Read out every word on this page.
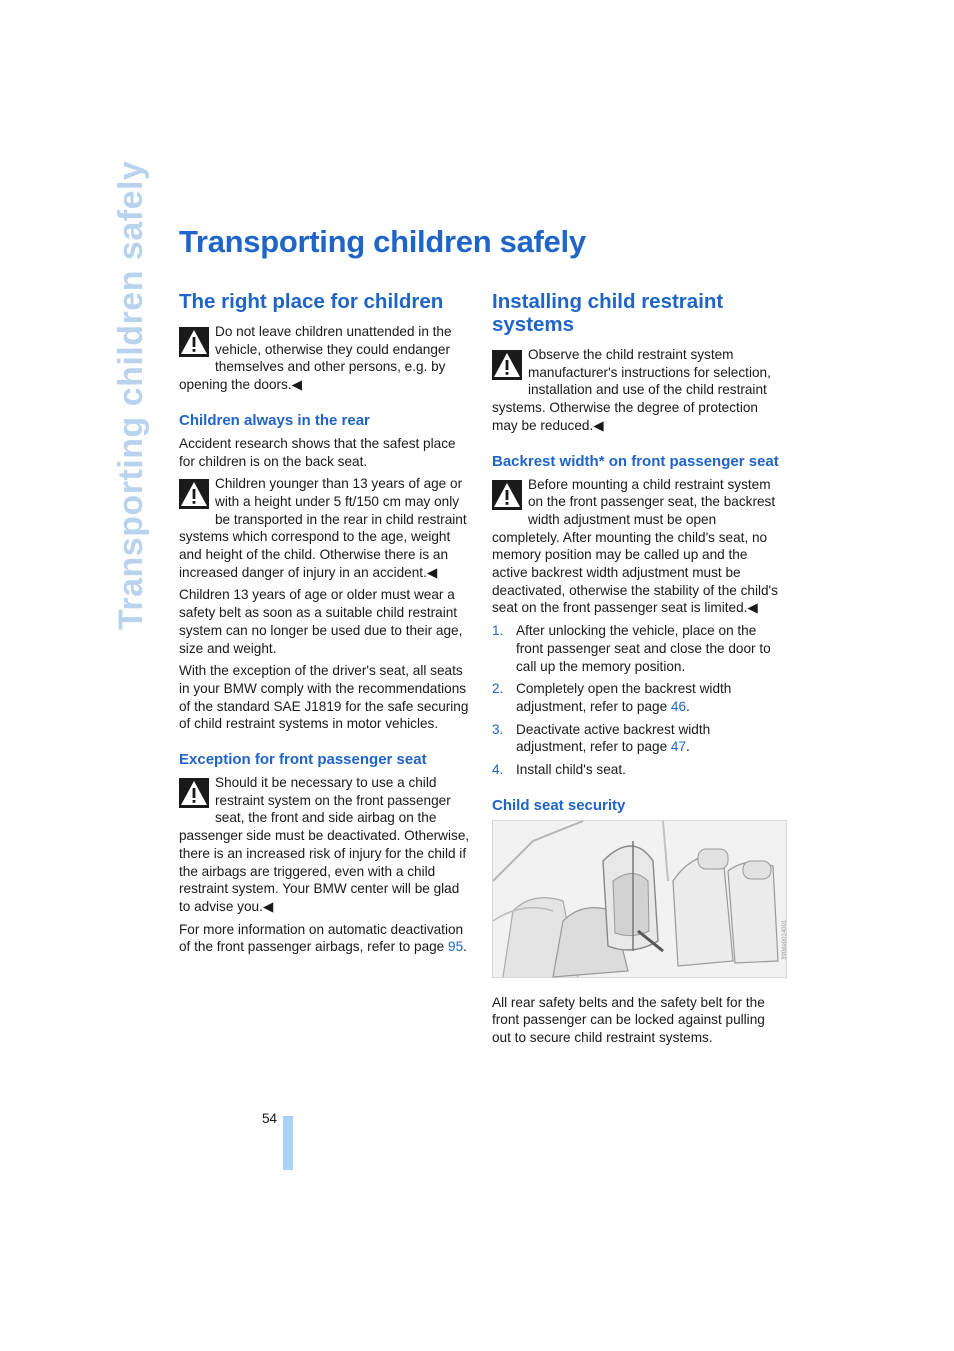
Transporting children safely Transporting children safely
The right place for children
Do not leave children unattended in the vehicle, otherwise they could endanger themselves and other persons, e.g. by opening the doors.◀
Children always in the rear

Accident research shows that the safest place for children is on the back seat.

Children younger than 13 years of age or with a height under 5 ft/150 cm may only be transported in the rear in child restraint systems which correspond to the age, weight and height of the child. Otherwise there is an increased danger of injury in an accident.◀

Children 13 years of age or older must wear a safety belt as soon as a suitable child restraint system can no longer be used due to their age, size and weight.

With the exception of the driver's seat, all seats in your BMW comply with the recommendations of the standard SAE J1819 for the safe securing of child restraint systems in motor vehicles.

Exception for front passenger seat
Should it be necessary to use a child restraint system on the front passenger seat, the front and side airbag on the passenger side must be deactivated. Otherwise, there is an increased risk of injury for the child if the airbags are triggered, even with a child restraint system. Your BMW center will be glad to advise you.◀

For more information on automatic deactivation of the front passenger airbags, refer to page 95.

Installing child restraint systems
Observe the child restraint system manufacturer's instructions for selection, installation and use of the child restraint systems. Otherwise the degree of protection may be reduced.◀
Backrest width* on front passenger seat
Before mounting a child restraint system on the front passenger seat, the backrest width adjustment must be open completely. After mounting the child's seat, no memory position may be called up and the active backrest width adjustment must be deactivated, otherwise the stability of the child's seat on the front passenger seat is limited.◀
1. After unlocking the vehicle, place on the front passenger seat and close the door to call up the memory position.
2. Completely open the backrest width adjustment, refer to page 46.
3. Deactivate active backrest width adjustment, refer to page 47.
4. Install child's seat.
Child seat security
390de0014001

All rear safety belts and the safety belt for the front passenger can be locked against pulling out to secure child restraint systems.

54
